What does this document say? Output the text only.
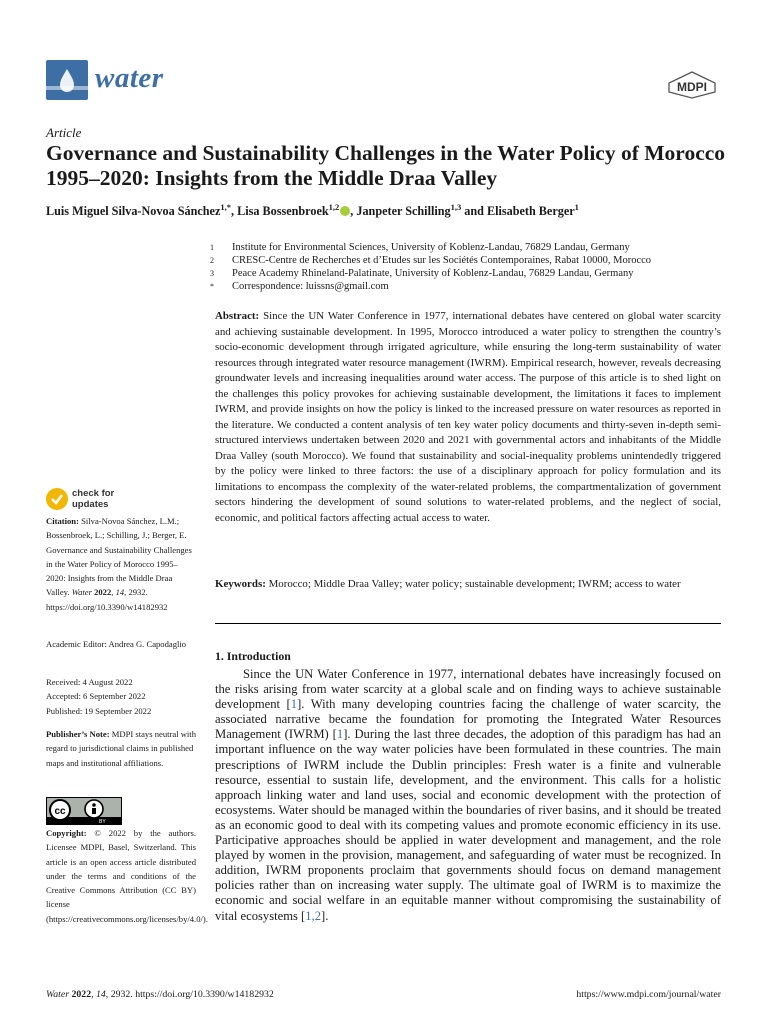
water	MDPI
Article
Governance and Sustainability Challenges in the Water Policy of Morocco 1995–2020: Insights from the Middle Draa Valley
Luis Miguel Silva-Novoa Sánchez$^{1,*}$, Lisa Bossenbroek$^{1,2}$ , Janpeter Schilling$^{1,3}$ and Elisabeth Berger$^1$
1	Institute for Environmental Sciences, University of Koblenz-Landau, 76829 Landau, Germany
2	CRESC-Centre de Recherches et d’Etudes sur les Sociétés Contemporaines, Rabat 10000, Morocco
3	Peace Academy Rhineland-Palatinate, University of Koblenz-Landau, 76829 Landau, Germany
*	Correspondence: luissns@gmail.com
Abstract: Since the UN Water Conference in 1977, international debates have centered on global water scarcity and achieving sustainable development. In 1995, Morocco introduced a water policy to strengthen the country’s socio-economic development through irrigated agriculture, while ensuring the long-term sustainability of water resources through integrated water resource management (IWRM). Empirical research, however, reveals decreasing groundwater levels and increasing inequalities around water access. The purpose of this article is to shed light on the challenges this policy provokes for achieving sustainable development, the limitations it faces to implement IWRM, and provide insights on how the policy is linked to the increased pressure on water resources as reported in the literature. We conducted a content analysis of ten key water policy documents and thirty-seven in-depth semi-structured interviews undertaken between 2020 and 2021 with governmental actors and inhabitants of the Middle Draa Valley (south Morocco). We found that sustainability and social-inequality problems unintendedly triggered by the policy were linked to three factors: the use of a disciplinary approach for policy formulation and its limitations to encompass the complexity of the water-related problems, the compartmentalization of government sectors hindering the development of sound solutions to water-related problems, and the neglect of social, economic, and political factors affecting actual access to water.
Keywords: Morocco; Middle Draa Valley; water policy; sustainable development; IWRM; access to water
check for
updates
Citation: Silva-Novoa Sánchez, L.M.; Bossenbroek, L.; Schilling, J.; Berger, E. Governance and Sustainability Challenges in the Water Policy of Morocco 1995–2020: Insights from the Middle Draa Valley. Water 2022, 14, 2932. https://doi.org/10.3390/w14182932
Academic Editor: Andrea G. Capodaglio
Received: 4 August 2022
Accepted: 6 September 2022
Published: 19 September 2022
Publisher’s Note: MDPI stays neutral with regard to jurisdictional claims in published maps and institutional affiliations.
cc
BY
Copyright: © 2022 by the authors. Licensee MDPI, Basel, Switzerland. This article is an open access article distributed under the terms and conditions of the Creative Commons Attribution (CC BY) license (https://creativecommons.org/licenses/by/4.0/).
1. Introduction
Since the UN Water Conference in 1977, international debates have increasingly focused on the risks arising from water scarcity at a global scale and on finding ways to achieve sustainable development [1]. With many developing countries facing the challenge of water scarcity, the associated narrative became the foundation for promoting the Integrated Water Resources Management (IWRM) [1]. During the last three decades, the adoption of this paradigm has had an important influence on the way water policies have been formulated in these countries. The main prescriptions of IWRM include the Dublin principles: Fresh water is a finite and vulnerable resource, essential to sustain life, development, and the environment. This calls for a holistic approach linking water and land uses, social and economic development with the protection of ecosystems. Water should be managed within the boundaries of river basins, and it should be treated as an economic good to deal with its competing values and promote economic efficiency in its use. Participative approaches should be applied in water development and management, and the role played by women in the provision, management, and safeguarding of water must be recognized. In addition, IWRM proponents proclaim that governments should focus on demand management policies rather than on increasing water supply. The ultimate goal of IWRM is to maximize the economic and social welfare in an equitable manner without compromising the sustainability of vital ecosystems [1,2].
Water 2022, 14, 2932. https://doi.org/10.3390/w14182932	https://www.mdpi.com/journal/water
